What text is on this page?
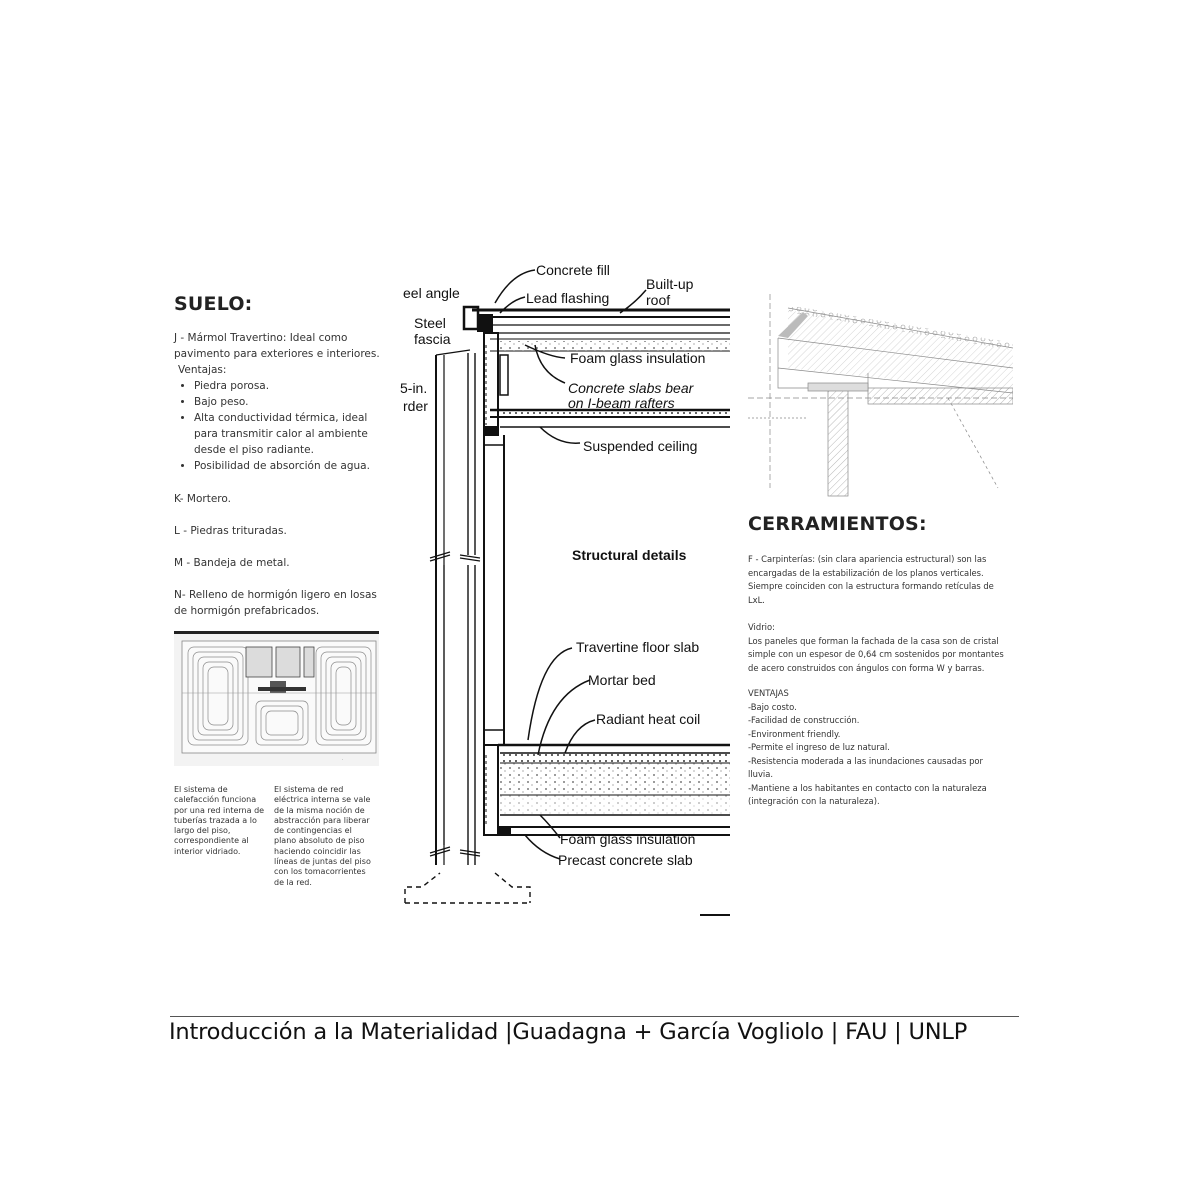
SUELO:

J - Mármol Travertino: Ideal como

pavimento para exteriores e interiores.

Ventajas:

• Piedra porosa.
• Bajo peso.
• Alta conductividad térmica, ideal
para transmitir calor al ambiente
desde el piso radiante.
• Posibilidad de absorción de agua.
K- Mortero.
L - Piedras trituradas.
M - Bandeja de metal.

N- Relleno de hormigón ligero en losas

de hormigón prefabricados.

.
El sistema de
calefacción funciona
por una red interna de
tuberías trazada a lo
largo del piso,
correspondiente al
interior vidriado.
El sistema de red
eléctrica interna se vale
de la misma noción de
abstracción para liberar
de contingencias el
plano absoluto de piso
haciendo coincidir las
líneas de juntas del piso
con los tomacorrientes
de la red.
Concrete fill
eel angle	Lead flashing
Built-up
roof
Steel
fascia
Foam glass insulation
5-in.
rder
Concrete slabs bear
on I-beam rafters
Suspended ceiling
Structural details
Travertine floor slab
Mortar bed
Radiant heat coil
Foam glass insulation
Precast concrete slab
CERRAMIENTOS:
F - Carpinterías: (sin clara apariencia estructural) son las
encargadas de la estabilización de los planos verticales.
Siempre coinciden con la estructura formando retículas de
LxL.
Vidrio:
Los paneles que forman la fachada de la casa son de cristal
simple con un espesor de 0,64 cm sostenidos por montantes
de acero construidos con ángulos con forma W y barras.
VENTAJAS
-Bajo costo.
-Facilidad de construcción.
-Environment friendly.
-Permite el ingreso de luz natural.
-Resistencia moderada a las inundaciones causadas por
lluvia.
-Mantiene a los habitantes en contacto con la naturaleza
(integración con la naturaleza).
Introducción a la Materialidad |Guadagna + García Vogliolo | FAU | UNLP
